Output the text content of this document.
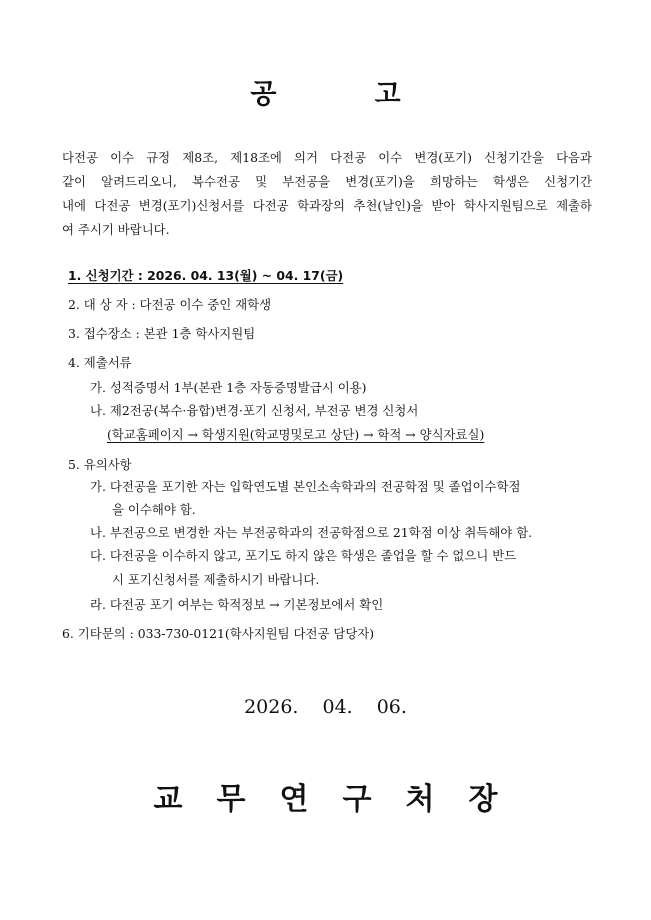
공	고
다전공 이수 규정 제8조, 제18조에 의거 다전공 이수 변경(포기) 신청기간을 다음과
같이 알려드리오니, 복수전공 및 부전공을 변경(포기)을 희망하는 학생은 신청기간
내에 다전공 변경(포기)신청서를 다전공 학과장의 추천(날인)을 받아 학사지원팀으로 제출하
여 주시기 바랍니다.
1. 신청기간 : 2026. 04. 13(월) ~ 04. 17(금)
2. 대 상 자 : 다전공 이수 중인 재학생
3. 접수장소 : 본관 1층 학사지원팀
4. 제출서류
가. 성적증명서 1부(본관 1층 자동증명발급시 이용)
나. 제2전공(복수·융합)변경·포기 신청서, 부전공 변경 신청서
(학교홈페이지 → 학생지원(학교명및로고 상단) → 학적 → 양식자료실)
5. 유의사항
가. 다전공을 포기한 자는 입학연도별 본인소속학과의 전공학점 및 졸업이수학점
을 이수해야 함.
나. 부전공으로 변경한 자는 부전공학과의 전공학점으로 21학점 이상 취득해야 함.
다. 다전공을 이수하지 않고, 포기도 하지 않은 학생은 졸업을 할 수 없으니 반드
시 포기신청서를 제출하시기 바랍니다.
라. 다전공 포기 여부는 학적정보 → 기본정보에서 확인
6. 기타문의 : 033-730-0121(학사지원팀 다전공 담당자)
2026. 04. 06.
교 무 연 구 처 장
